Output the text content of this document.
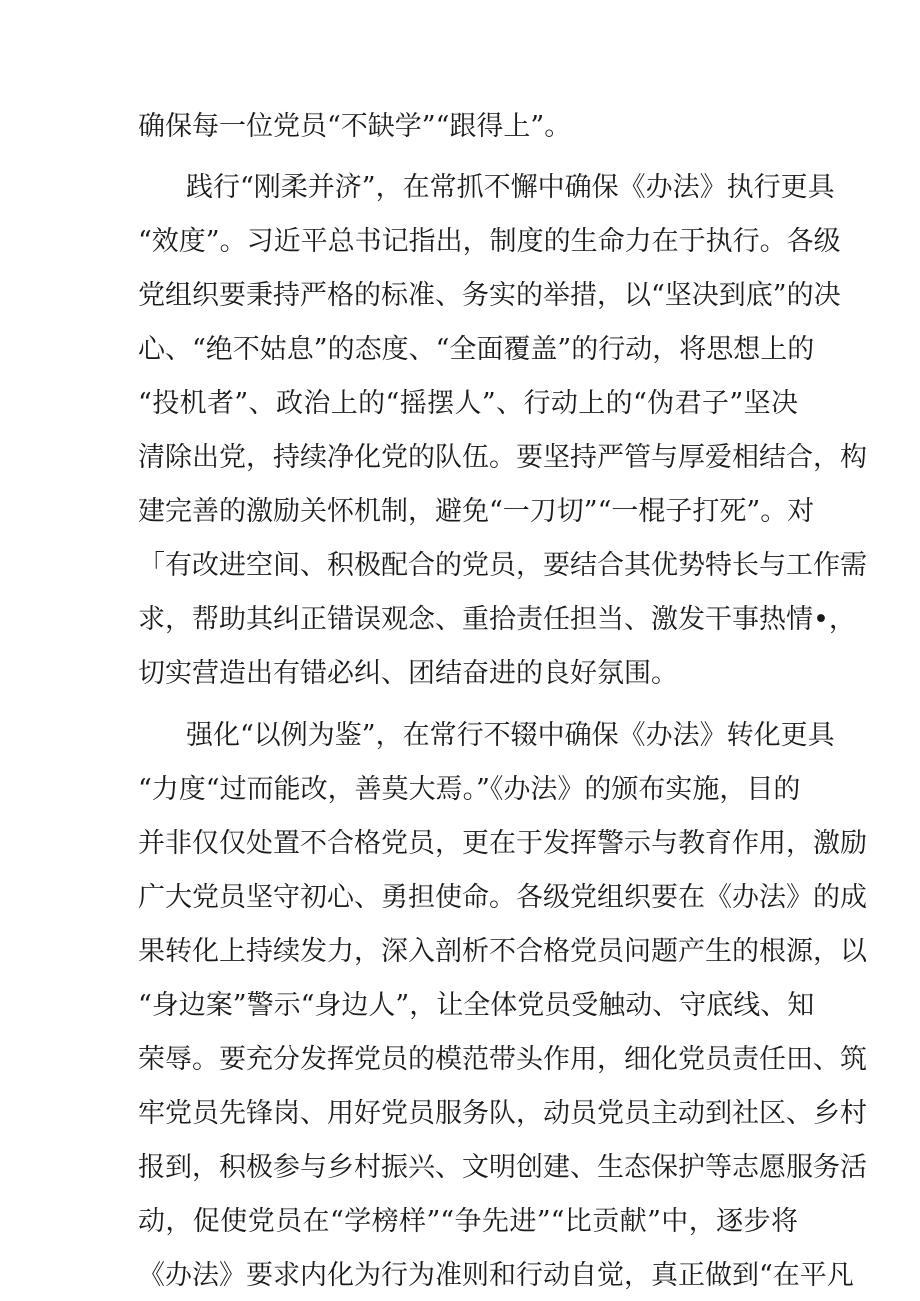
确保每一位党员“不缺学”“跟得上”。
践行“刚柔并济”，在常抓不懈中确保《办法》执行更具
“效度”。习近平总书记指出，制度的生命力在于执行。各级
党组织要秉持严格的标准、务实的举措，以“坚决到底”的决
心、“绝不姑息”的态度、“全面覆盖”的行动，将思想上的
“投机者”、政治上的“摇摆人”、行动上的“伪君子”坚决
清除出党，持续净化党的队伍。要坚持严管与厚爱相结合，构
建完善的激励关怀机制，避免“一刀切”“一棍子打死”。对
「有改进空间、积极配合的党员，要结合其优势特长与工作需
求，帮助其纠正错误观念、重拾责任担当、激发干事热情•，
切实营造出有错必纠、团结奋进的良好氛围。
强化“以例为鉴”，在常行不辍中确保《办法》转化更具
“力度“过而能改，善莫大焉。”《办法》的颁布实施，目的
并非仅仅处置不合格党员，更在于发挥警示与教育作用，激励
广大党员坚守初心、勇担使命。各级党组织要在《办法》的成
果转化上持续发力，深入剖析不合格党员问题产生的根源，以
“身边案”警示“身边人”，让全体党员受触动、守底线、知
荣辱。要充分发挥党员的模范带头作用，细化党员责任田、筑
牢党员先锋岗、用好党员服务队，动员党员主动到社区、乡村
报到，积极参与乡村振兴、文明创建、生态保护等志愿服务活
动，促使党员在“学榜样”“争先进”“比贡献”中，逐步将
《办法》要求内化为行为准则和行动自觉，真正做到“在平凡
